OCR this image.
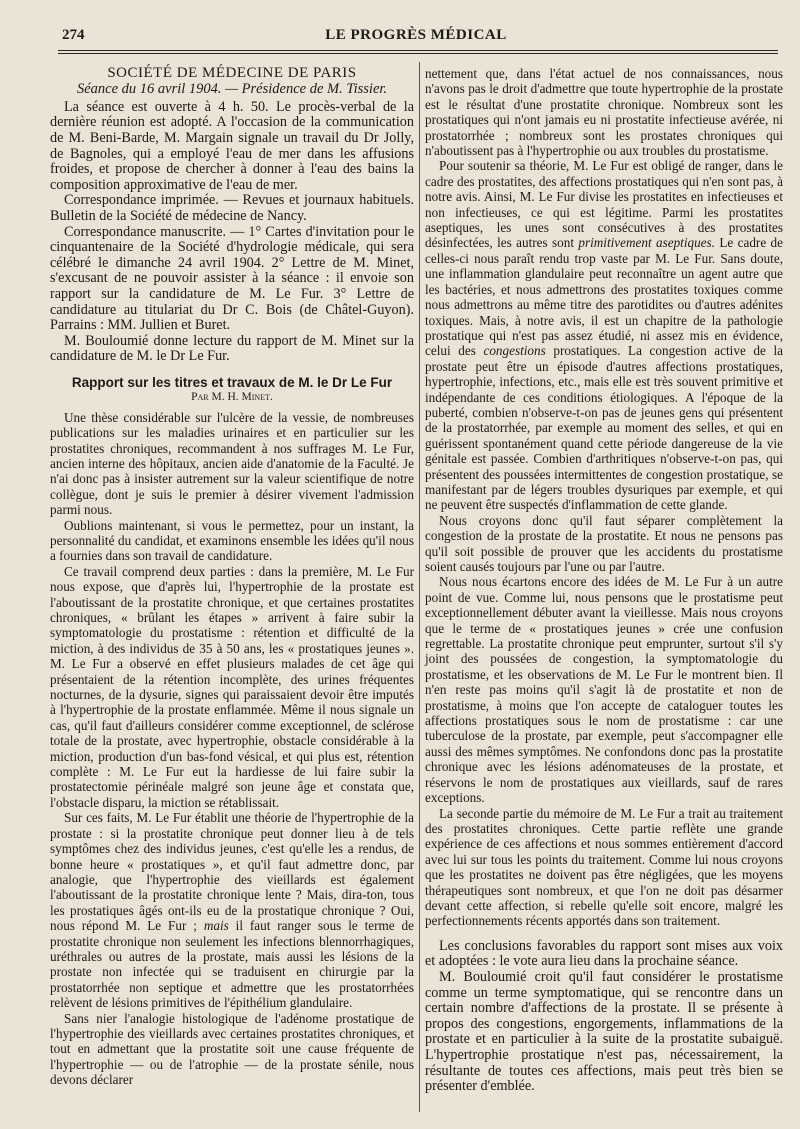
274	LE PROGRÈS MÉDICAL

SOCIÉTÉ DE MÉDECINE DE PARIS

Séance du 16 avril 1904. — Présidence de M. Tissier.

La séance est ouverte à 4 h. 50. Le procès-verbal de la dernière réunion est adopté. A l'occasion de la communication de M. Beni-Barde, M. Margain signale un travail du Dr Jolly, de Bagnoles, qui a employé l'eau de mer dans les affusions froides, et propose de chercher à donner à l'eau des bains la composition approximative de l'eau de mer.

Correspondance imprimée. — Revues et journaux habituels. Bulletin de la Société de médecine de Nancy.

Correspondance manuscrite. — 1° Cartes d'invitation pour le cinquantenaire de la Société d'hydrologie médicale, qui sera célébré le dimanche 24 avril 1904. 2° Lettre de M. Minet, s'excusant de ne pouvoir assister à la séance : il envoie son rapport sur la candidature de M. Le Fur. 3° Lettre de candidature au titulariat du Dr C. Bois (de Châtel-Guyon). Parrains : MM. Jullien et Buret.

M. Bouloumié donne lecture du rapport de M. Minet sur la candidature de M. le Dr Le Fur.

Rapport sur les titres et travaux de M. le Dr Le Fur

Par M. H. Minet.

Une thèse considérable sur l'ulcère de la vessie, de nombreuses publications sur les maladies urinaires et en particulier sur les prostatites chroniques, recommandent à nos suffrages M. Le Fur, ancien interne des hôpitaux, ancien aide d'anatomie de la Faculté. Je n'ai donc pas à insister autrement sur la valeur scientifique de notre collègue, dont je suis le premier à désirer vivement l'admission parmi nous.

Oublions maintenant, si vous le permettez, pour un instant, la personnalité du candidat, et examinons ensemble les idées qu'il nous a fournies dans son travail de candidature.

Ce travail comprend deux parties : dans la première, M. Le Fur nous expose, que d'après lui, l'hypertrophie de la prostate est l'aboutissant de la prostatite chronique, et que certaines prostatites chroniques, « brûlant les étapes » arrivent à faire subir la symptomatologie du prostatisme : rétention et difficulté de la miction, à des individus de 35 à 50 ans, les « prostatiques jeunes ». M. Le Fur a observé en effet plusieurs malades de cet âge qui présentaient de la rétention incomplète, des urines fréquentes nocturnes, de la dysurie, signes qui paraissaient devoir être imputés à l'hypertrophie de la prostate enflammée. Même il nous signale un cas, qu'il faut d'ailleurs considérer comme exceptionnel, de sclérose totale de la prostate, avec hypertrophie, obstacle considérable à la miction, production d'un bas-fond vésical, et qui plus est, rétention complète : M. Le Fur eut la hardiesse de lui faire subir la prostatectomie périnéale malgré son jeune âge et constata que, l'obstacle disparu, la miction se rétablissait.

Sur ces faits, M. Le Fur établit une théorie de l'hypertrophie de la prostate : si la prostatite chronique peut donner lieu à de tels symptômes chez des individus jeunes, c'est qu'elle les a rendus, de bonne heure « prostatiques », et qu'il faut admettre donc, par analogie, que l'hypertrophie des vieillards est également l'aboutissant de la prostatite chronique lente ? Mais, dira-ton, tous les prostatiques âgés ont-ils eu de la prostatique chronique ? Oui, nous répond M. Le Fur ; mais il faut ranger sous le terme de prostatite chronique non seulement les infections blennorrhagiques, uréthrales ou autres de la prostate, mais aussi les lésions de la prostate non infectée qui se traduisent en chirurgie par la prostatorrhée non septique et admettre que les prostatorrhées relèvent de lésions primitives de l'épithélium glandulaire.

Sans nier l'analogie histologique de l'adénome prostatique de l'hypertrophie des vieillards avec certaines prostatites chroniques, et tout en admettant que la prostatite soit une cause fréquente de l'hypertrophie — ou de l'atrophie — de la prostate sénile, nous devons déclarer

nettement que, dans l'état actuel de nos connaissances, nous n'avons pas le droit d'admettre que toute hypertrophie de la prostate est le résultat d'une prostatite chronique. Nombreux sont les prostatiques qui n'ont jamais eu ni prostatite infectieuse avérée, ni prostatorrhée ; nombreux sont les prostates chroniques qui n'aboutissent pas à l'hypertrophie ou aux troubles du prostatisme.

Pour soutenir sa théorie, M. Le Fur est obligé de ranger, dans le cadre des prostatites, des affections prostatiques qui n'en sont pas, à notre avis. Ainsi, M. Le Fur divise les prostatites en infectieuses et non infectieuses, ce qui est légitime. Parmi les prostatites aseptiques, les unes sont consécutives à des prostatites désinfectées, les autres sont primitivement aseptiques. Le cadre de celles-ci nous paraît rendu trop vaste par M. Le Fur. Sans doute, une inflammation glandulaire peut reconnaître un agent autre que les bactéries, et nous admettrons des prostatites toxiques comme nous admettrons au même titre des parotidites ou d'autres adénites toxiques. Mais, à notre avis, il est un chapitre de la pathologie prostatique qui n'est pas assez étudié, ni assez mis en évidence, celui des congestions prostatiques. La congestion active de la prostate peut être un épisode d'autres affections prostatiques, hypertrophie, infections, etc., mais elle est très souvent primitive et indépendante de ces conditions étiologiques. A l'époque de la puberté, combien n'observe-t-on pas de jeunes gens qui présentent de la prostatorrhée, par exemple au moment des selles, et qui en guérissent spontanément quand cette période dangereuse de la vie génitale est passée. Combien d'arthritiques n'observe-t-on pas, qui présentent des poussées intermittentes de congestion prostatique, se manifestant par de légers troubles dysuriques par exemple, et qui ne peuvent être suspectés d'inflammation de cette glande.

Nous croyons donc qu'il faut séparer complètement la congestion de la prostate de la prostatite. Et nous ne pensons pas qu'il soit possible de prouver que les accidents du prostatisme soient causés toujours par l'une ou par l'autre.

Nous nous écartons encore des idées de M. Le Fur à un autre point de vue. Comme lui, nous pensons que le prostatisme peut exceptionnellement débuter avant la vieillesse. Mais nous croyons que le terme de « prostatiques jeunes » crée une confusion regrettable. La prostatite chronique peut emprunter, surtout s'il s'y joint des poussées de congestion, la symptomatologie du prostatisme, et les observations de M. Le Fur le montrent bien. Il n'en reste pas moins qu'il s'agit là de prostatite et non de prostatisme, à moins que l'on accepte de cataloguer toutes les affections prostatiques sous le nom de prostatisme : car une tuberculose de la prostate, par exemple, peut s'accompagner elle aussi des mêmes symptômes. Ne confondons donc pas la prostatite chronique avec les lésions adénomateuses de la prostate, et réservons le nom de prostatiques aux vieillards, sauf de rares exceptions.

La seconde partie du mémoire de M. Le Fur a trait au traitement des prostatites chroniques. Cette partie reflète une grande expérience de ces affections et nous sommes entièrement d'accord avec lui sur tous les points du traitement. Comme lui nous croyons que les prostatites ne doivent pas être négligées, que les moyens thérapeutiques sont nombreux, et que l'on ne doit pas désarmer devant cette affection, si rebelle qu'elle soit encore, malgré les perfectionnements récents apportés dans son traitement.

Les conclusions favorables du rapport sont mises aux voix et adoptées : le vote aura lieu dans la prochaine séance.

M. Bouloumié croit qu'il faut considérer le prostatisme comme un terme symptomatique, qui se rencontre dans un certain nombre d'affections de la prostate. Il se présente à propos des congestions, engorgements, inflammations de la prostate et en particulier à la suite de la prostatite subaiguë. L'hypertrophie prostatique n'est pas, nécessairement, la résultante de toutes ces affections, mais peut très bien se présenter d'emblée.
